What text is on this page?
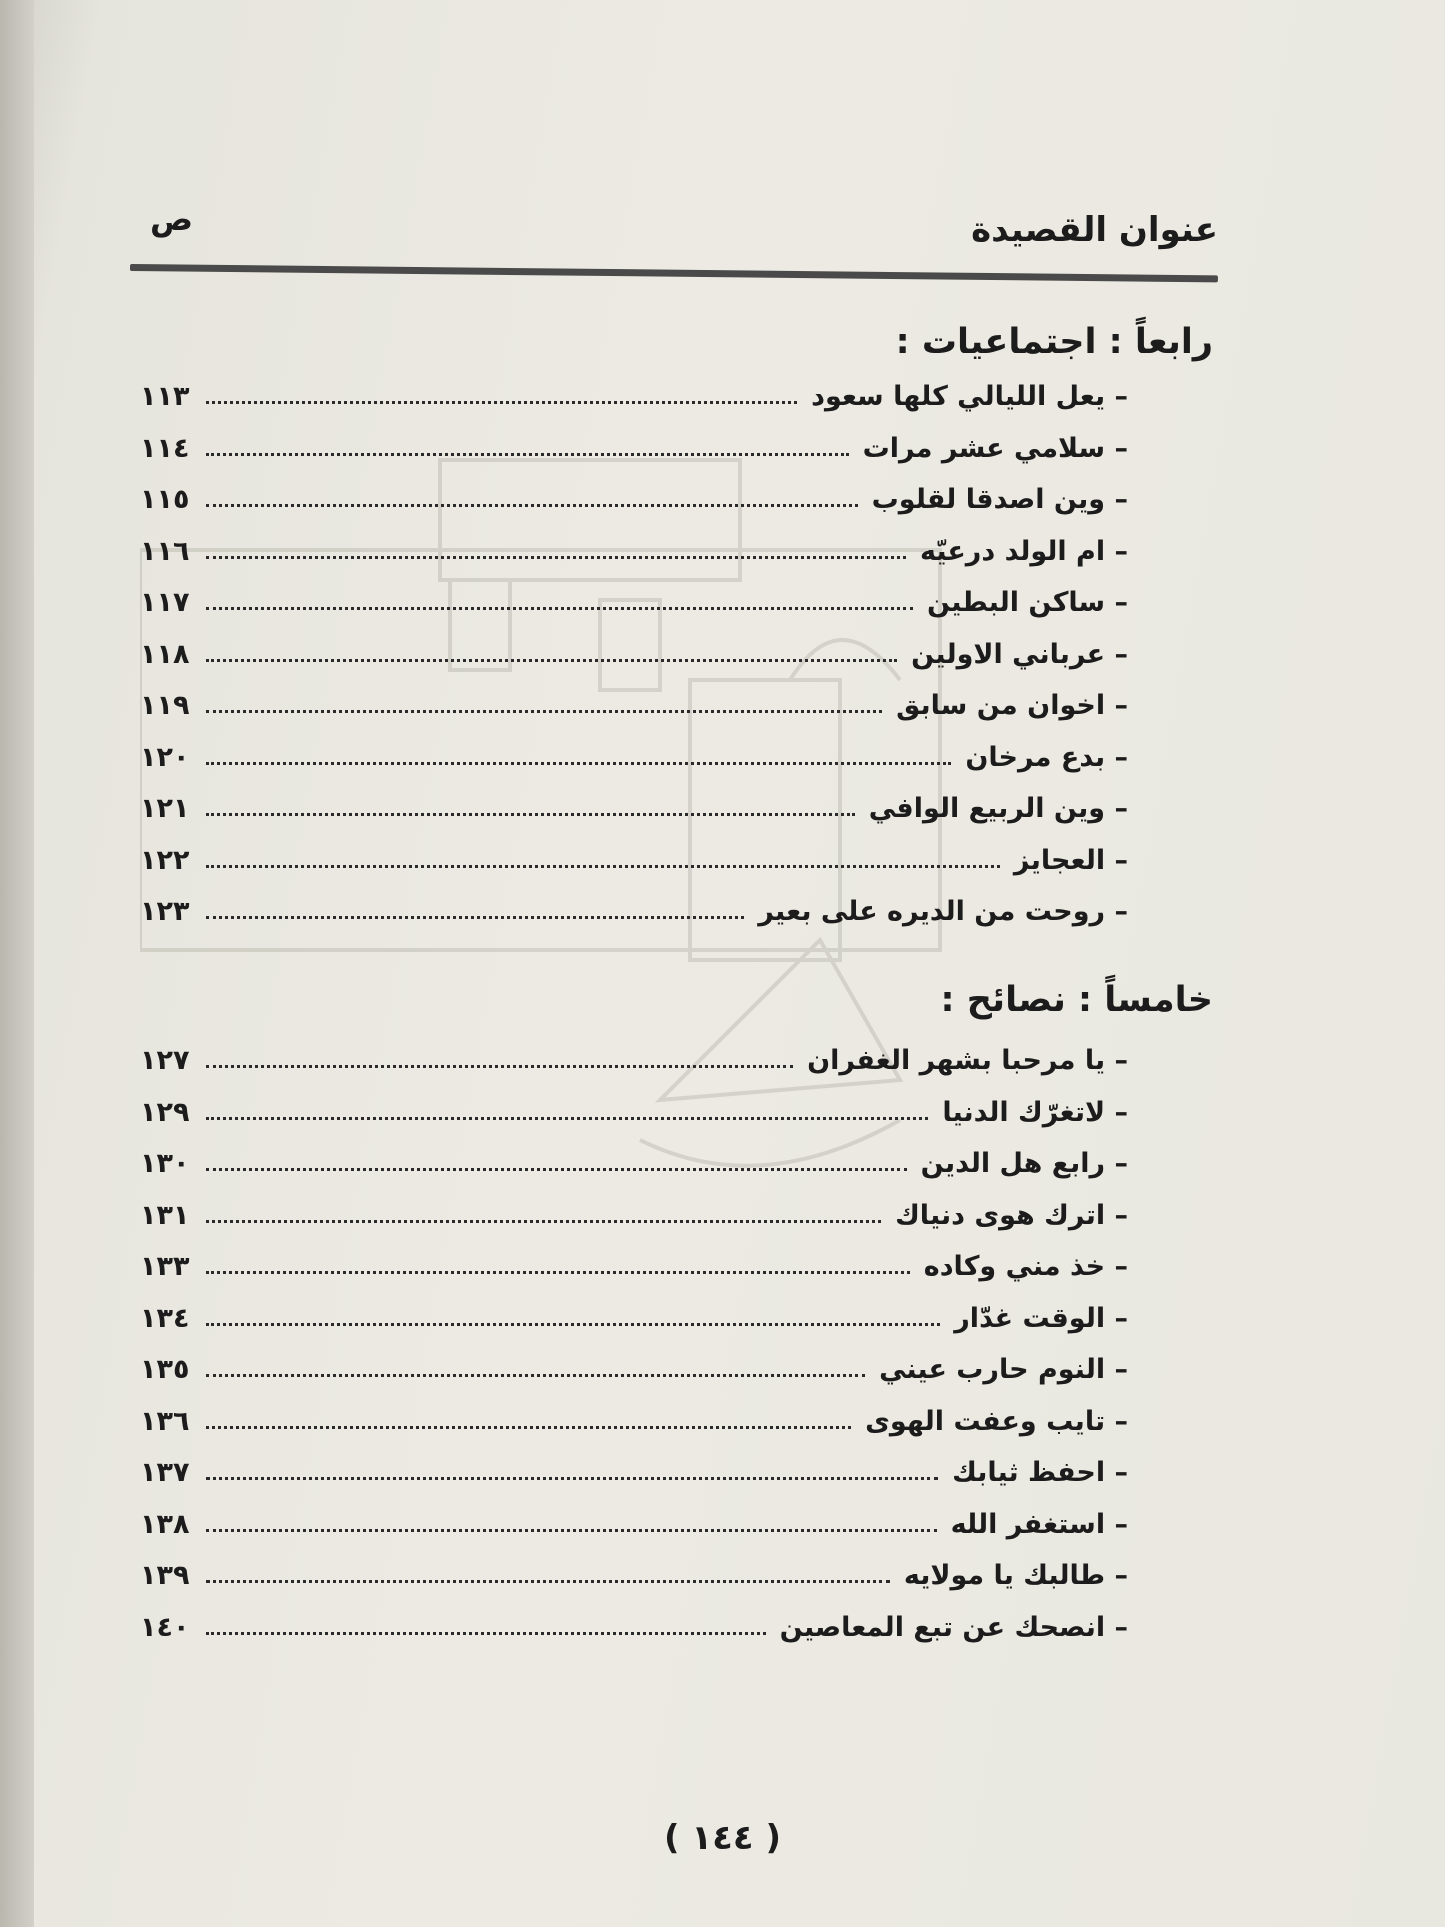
عنوان القصيدة
ص
رابعاً : اجتماعيات :
خامساً : نصائح :
– يعل الليالي كلها سعود
١١٣
– سلامي عشر مرات
١١٤
– وين اصدقا لقلوب
١١٥
– ام الولد درعيّه
١١٦
– ساكن البطين
١١٧
– عرباني الاولين
١١٨
– اخوان من سابق
١١٩
– بدع مرخان
١٢٠
– وين الربيع الوافي
١٢١
– العجايز
١٢٢
– روحت من الديره على بعير
١٢٣
– يا مرحبا بشهر الغفران
١٢٧
– لاتغرّك الدنيا
١٢٩
– رابع هل الدين
١٣٠
– اترك هوى دنياك
١٣١
– خذ مني وكاده
١٣٣
– الوقت غدّار
١٣٤
– النوم حارب عيني
١٣٥
– تايب وعفت الهوى
١٣٦
– احفظ ثيابك
١٣٧
– استغفر الله
١٣٨
– طالبك يا مولايه
١٣٩
– انصحك عن تبع المعاصين
١٤٠
( ١٤٤ )
